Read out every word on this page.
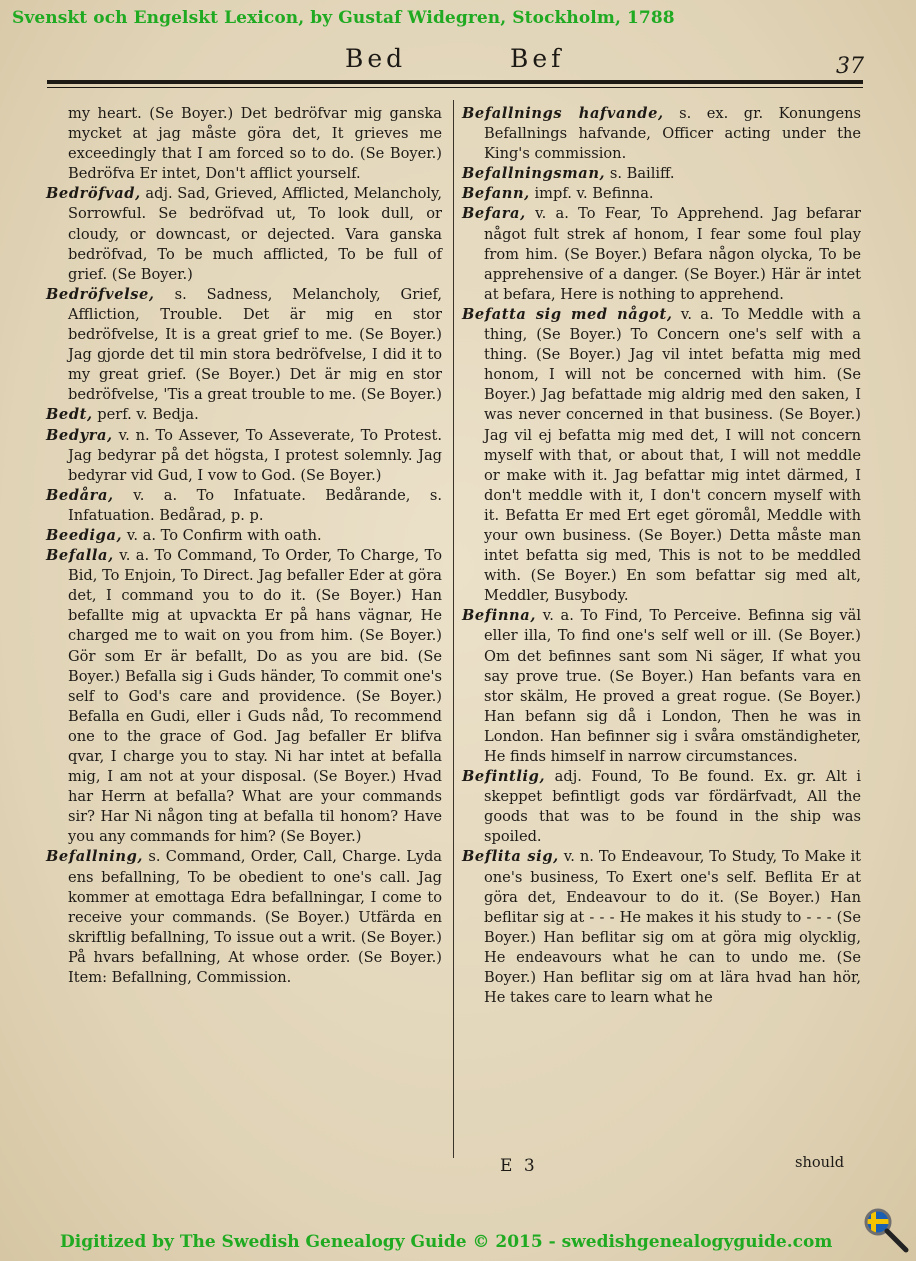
Svenskt och Engelskt Lexicon, by Gustaf Widegren, Stockholm, 1788
Bed	Bef	37

my heart. (Se Boyer.) Det bedröfvar mig ganska mycket at jag måste göra det, It grieves me exceedingly that I am forced so to do. (Se Boyer.) Bedröfva Er intet, Don't afflict yourself.

Bedröfvad, adj. Sad, Grieved, Afflicted, Melancholy, Sorrowful. Se bedröfvad ut, To look dull, or cloudy, or downcast, or dejected. Vara ganska bedröfvad, To be much afflicted, To be full of grief. (Se Boyer.)

Bedröfvelse, s. Sadness, Melancholy, Grief, Affliction, Trouble. Det är mig en stor bedröfvelse, It is a great grief to me. (Se Boyer.) Jag gjorde det til min stora bedröfvelse, I did it to my great grief. (Se Boyer.) Det är mig en stor bedröfvelse, 'Tis a great trouble to me. (Se Boyer.)

Bedt, perf. v. Bedja.

Bedyra, v. n. To Assever, To Asseverate, To Protest. Jag bedyrar på det högsta, I protest solemnly. Jag bedyrar vid Gud, I vow to God. (Se Boyer.)

Bedåra, v. a. To Infatuate. Bedårande, s. Infatuation. Bedårad, p. p.

Beediga, v. a. To Confirm with oath.

Befalla, v. a. To Command, To Order, To Charge, To Bid, To Enjoin, To Direct. Jag befaller Eder at göra det, I command you to do it. (Se Boyer.) Han befallte mig at upvackta Er på hans vägnar, He charged me to wait on you from him. (Se Boyer.) Gör som Er är befallt, Do as you are bid. (Se Boyer.) Befalla sig i Guds händer, To commit one's self to God's care and providence. (Se Boyer.) Befalla en Gudi, eller i Guds nåd, To recommend one to the grace of God. Jag befaller Er blifva qvar, I charge you to stay. Ni har intet at befalla mig, I am not at your disposal. (Se Boyer.) Hvad har Herrn at befalla? What are your commands sir? Har Ni någon ting at befalla til honom? Have you any commands for him? (Se Boyer.)

Befallning, s. Command, Order, Call, Charge. Lyda ens befallning, To be obedient to one's call. Jag kommer at emottaga Edra befallningar, I come to receive your commands. (Se Boyer.) Utfärda en skriftlig befallning, To issue out a writ. (Se Boyer.) På hvars befallning, At whose order. (Se Boyer.) Item: Befallning, Commission.

Befallnings hafvande, s. ex. gr. Konungens Befallnings hafvande, Officer acting under the King's commission.

Befallningsman, s. Bailiff.

Befann, impf. v. Befinna.

Befara, v. a. To Fear, To Apprehend. Jag befarar något fult strek af honom, I fear some foul play from him. (Se Boyer.) Befara någon olycka, To be apprehensive of a danger. (Se Boyer.) Här är intet at befara, Here is nothing to apprehend.

Befatta sig med något, v. a. To Meddle with a thing, (Se Boyer.) To Concern one's self with a thing. (Se Boyer.) Jag vil intet befatta mig med honom, I will not be concerned with him. (Se Boyer.) Jag befattade mig aldrig med den saken, I was never concerned in that business. (Se Boyer.) Jag vil ej befatta mig med det, I will not concern myself with that, or about that, I will not meddle or make with it. Jag befattar mig intet därmed, I don't meddle with it, I don't concern myself with it. Befatta Er med Ert eget göromål, Meddle with your own business. (Se Boyer.) Detta måste man intet befatta sig med, This is not to be meddled with. (Se Boyer.) En som befattar sig med alt, Meddler, Busybody.

Befinna, v. a. To Find, To Perceive. Befinna sig väl eller illa, To find one's self well or ill. (Se Boyer.) Om det befinnes sant som Ni säger, If what you say prove true. (Se Boyer.) Han befants vara en stor skälm, He proved a great rogue. (Se Boyer.) Han befann sig då i London, Then he was in London. Han befinner sig i svåra omständigheter, He finds himself in narrow circumstances.

Befintlig, adj. Found, To Be found. Ex. gr. Alt i skeppet befintligt gods var fördärfvadt, All the goods that was to be found in the ship was spoiled.

Beflita sig, v. n. To Endeavour, To Study, To Make it one's business, To Exert one's self. Beflita Er at göra det, Endeavour to do it. (Se Boyer.) Han beflitar sig at - - - He makes it his study to - - - (Se Boyer.) Han beflitar sig om at göra mig olycklig, He endeavours what he can to undo me. (Se Boyer.) Han beflitar sig om at lära hvad han hör, He takes care to learn what he

E 3	should
Digitized by The Swedish Genealogy Guide © 2015 - swedishgenealogyguide.com
